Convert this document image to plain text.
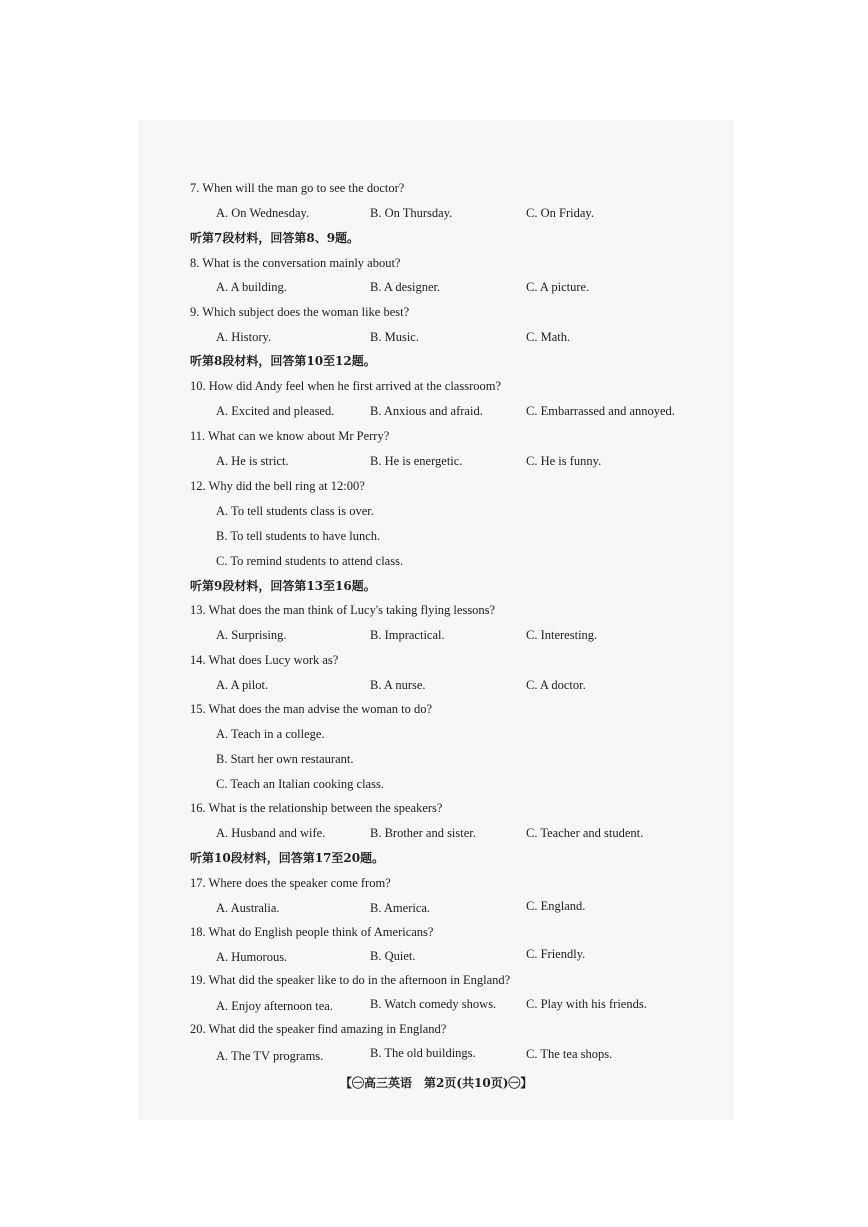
7. When will the man go to see the doctor?
A. On Wednesday.	B. On Thursday.	C. On Friday.
听第7段材料，回答第8、9题。
8. What is the conversation mainly about?
A. A building.	B. A designer.	C. A picture.
9. Which subject does the woman like best?
A. History.	B. Music.	C. Math.
听第8段材料，回答第10至12题。
10. How did Andy feel when he first arrived at the classroom?
A. Excited and pleased.	B. Anxious and afraid.	C. Embarrassed and annoyed.
11. What can we know about Mr Perry?
A. He is strict.	B. He is energetic.	C. He is funny.
12. Why did the bell ring at 12:00?
A. To tell students class is over.
B. To tell students to have lunch.
C. To remind students to attend class.
听第9段材料，回答第13至16题。
13. What does the man think of Lucy's taking flying lessons?
A. Surprising.	B. Impractical.	C. Interesting.
14. What does Lucy work as?
A. A pilot.	B. A nurse.	C. A doctor.
15. What does the man advise the woman to do?
A. Teach in a college.
B. Start her own restaurant.
C. Teach an Italian cooking class.
16. What is the relationship between the speakers?
A. Husband and wife.	B. Brother and sister.	C. Teacher and student.
听第10段材料，回答第17至20题。
17. Where does the speaker come from?
A. Australia.	B. America.	C. England.
18. What do English people think of Americans?
A. Humorous.	B. Quiet.	C. Friendly.
19. What did the speaker like to do in the afternoon in England?
A. Enjoy afternoon tea.	B. Watch comedy shows. C. Play with his friends.
20. What did the speaker find amazing in England?
A. The TV programs.	B. The old buildings.	C. The tea shops.
【㊀高三英语　第2页(共10页)㊀】
